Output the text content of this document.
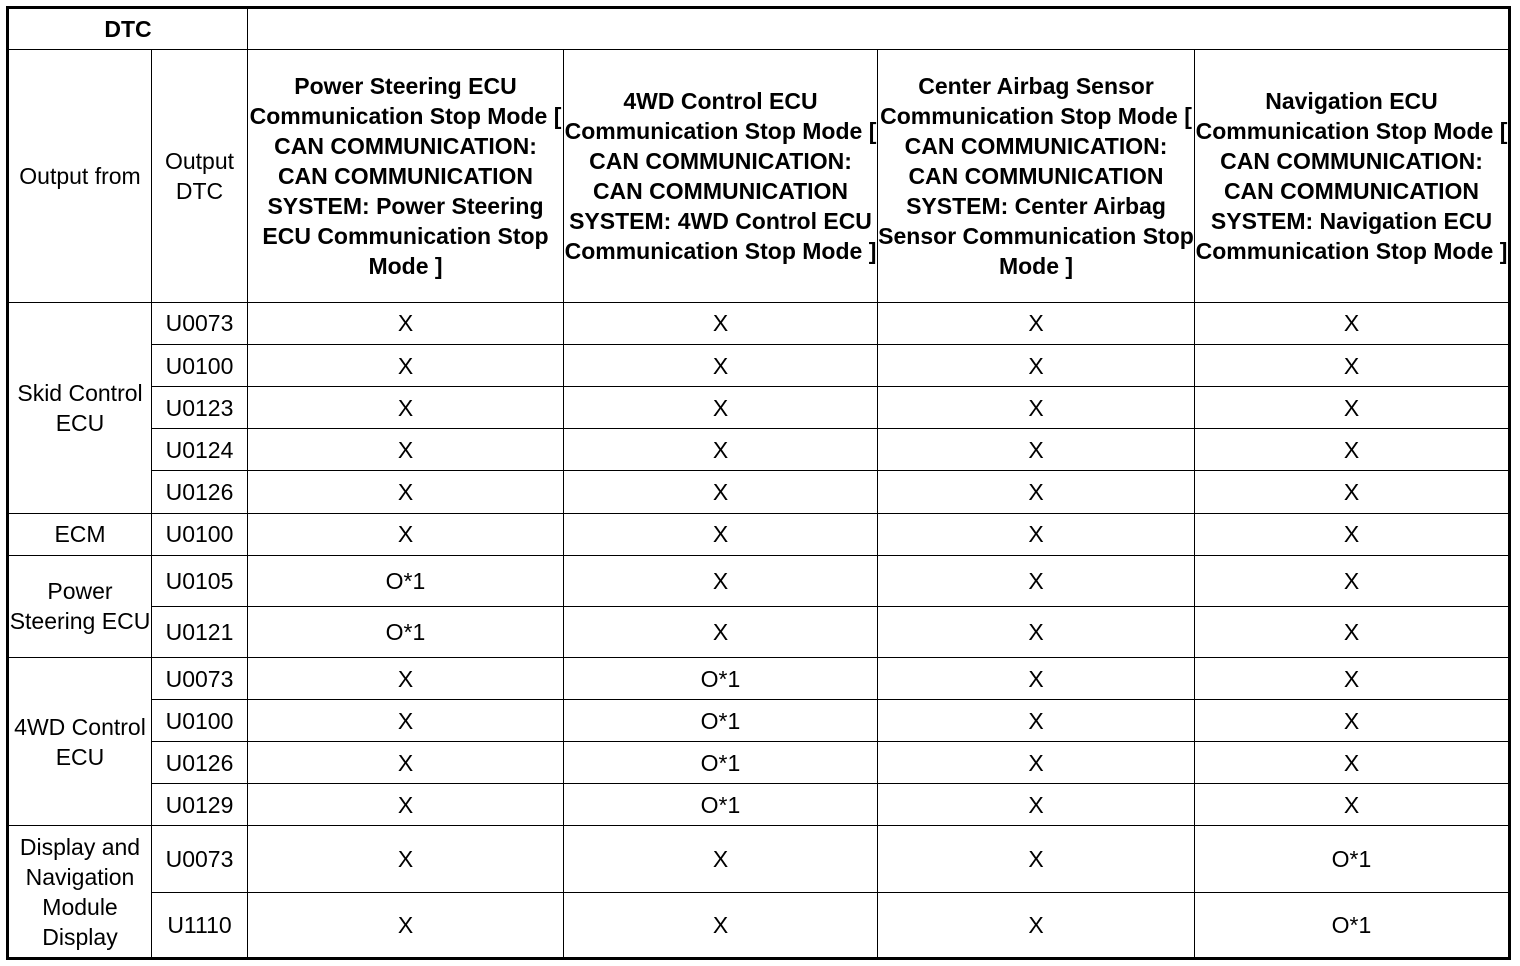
DTC					
Output from	Output DTC	Power Steering ECU Communication Stop Mode [ CAN COMMUNICATION: CAN COMMUNICATION SYSTEM: Power Steering ECU Communication Stop Mode ]	4WD Control ECU Communication Stop Mode [ CAN COMMUNICATION: CAN COMMUNICATION SYSTEM: 4WD Control ECU Communication Stop Mode ]	Center Airbag Sensor Communication Stop Mode [ CAN COMMUNICATION: CAN COMMUNICATION SYSTEM: Center Airbag Sensor Communication Stop Mode ]	Navigation ECU Communication Stop Mode [ CAN COMMUNICATION: CAN COMMUNICATION SYSTEM: Navigation ECU Communication Stop Mode ]
Skid Control ECU	U0073	X	X	X	X
	U0100	X	X	X	X
	U0123	X	X	X	X
	U0124	X	X	X	X
	U0126	X	X	X	X
ECM	U0100	X	X	X	X
Power Steering ECU	U0105	O*1	X	X	X
	U0121	O*1	X	X	X
4WD Control ECU	U0073	X	O*1	X	X
	U0100	X	O*1	X	X
	U0126	X	O*1	X	X
	U0129	X	O*1	X	X
Display and Navigation Module Display	U0073	X	X	X	O*1
	U1110	X	X	X	O*1
